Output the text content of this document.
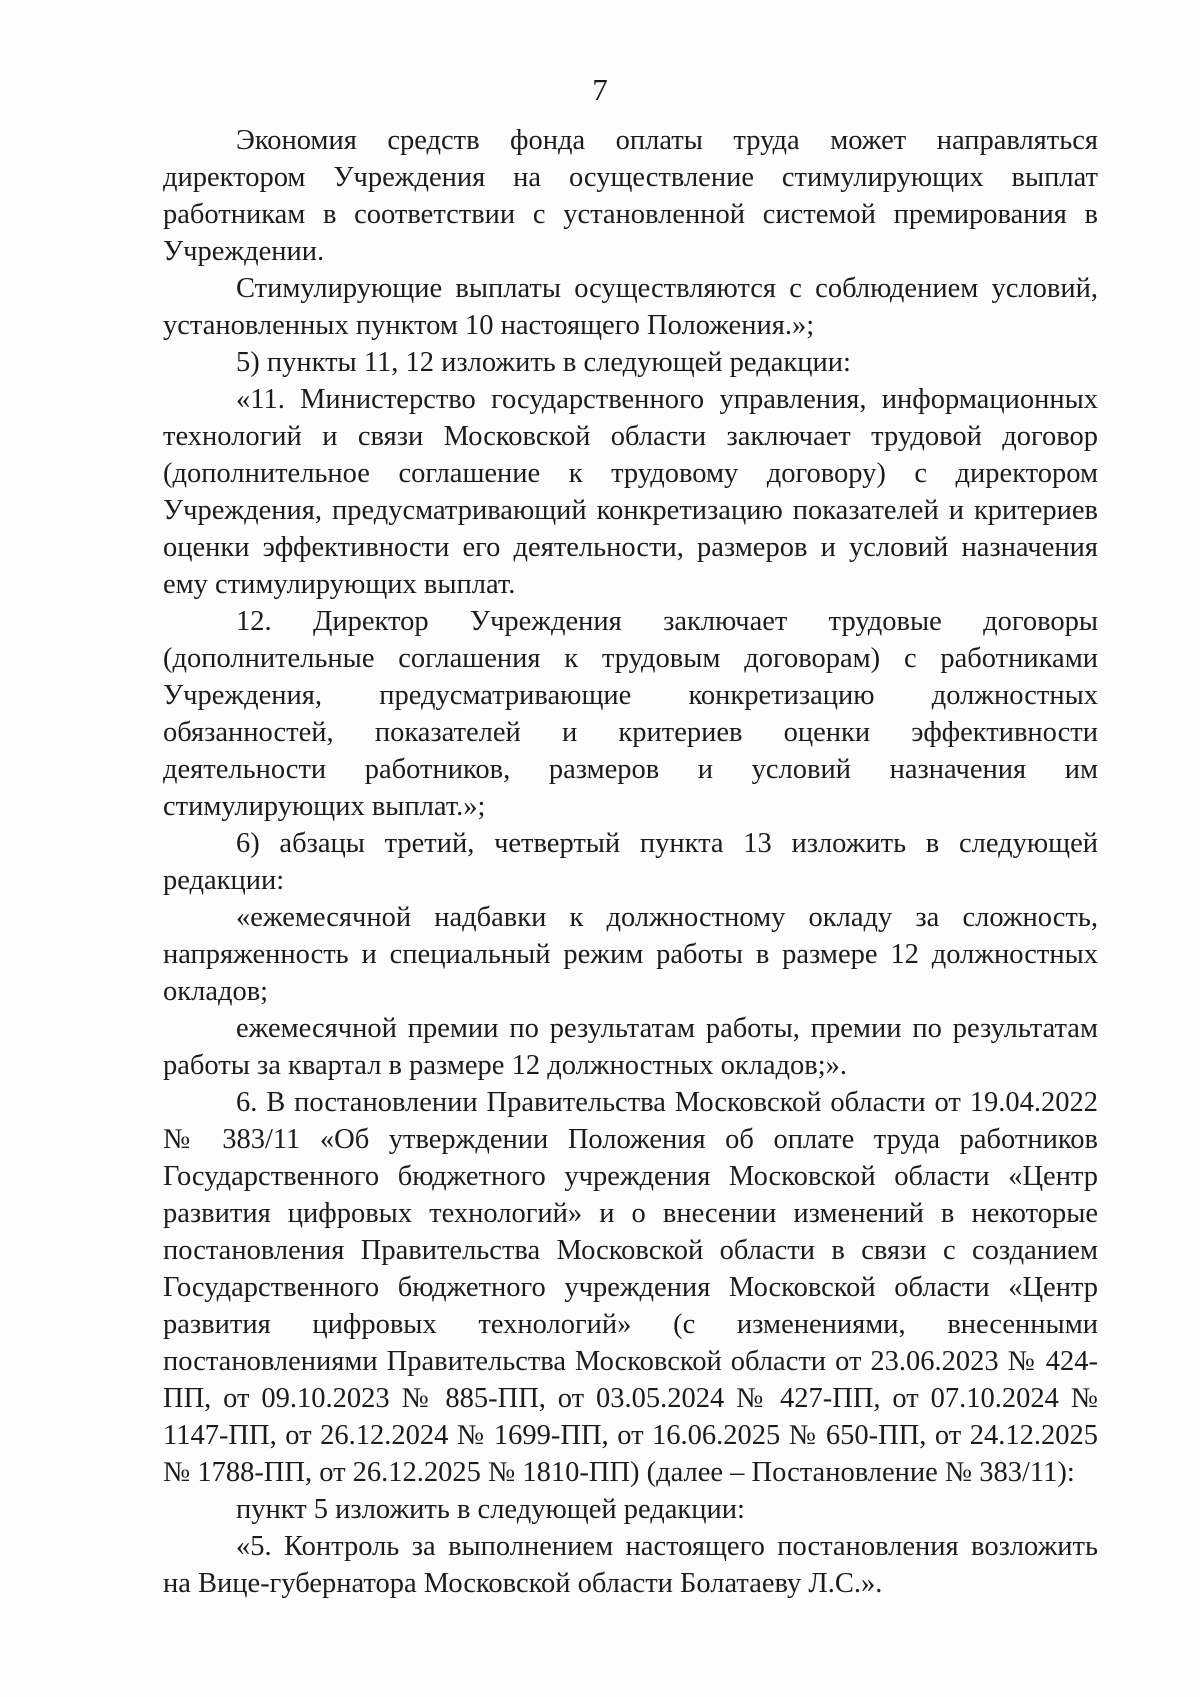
7

Экономия средств фонда оплаты труда может направляться директором Учреждения на осуществление стимулирующих выплат работникам в соответствии с установленной системой премирования в Учреждении.

Стимулирующие выплаты осуществляются с соблюдением условий, установленных пунктом 10 настоящего Положения.»;

5) пункты 11, 12 изложить в следующей редакции:

«11. Министерство государственного управления, информационных технологий и связи Московской области заключает трудовой договор (дополнительное соглашение к трудовому договору) с директором Учреждения, предусматривающий конкретизацию показателей и критериев оценки эффективности его деятельности, размеров и условий назначения ему стимулирующих выплат.

12. Директор Учреждения заключает трудовые договоры (дополнительные соглашения к трудовым договорам) с работниками Учреждения, предусматривающие конкретизацию должностных обязанностей, показателей и критериев оценки эффективности деятельности работников, размеров и условий назначения им стимулирующих выплат.»;

6) абзацы третий, четвертый пункта 13 изложить в следующей редакции:

«ежемесячной надбавки к должностному окладу за сложность, напряженность и специальный режим работы в размере 12 должностных окладов;

ежемесячной премии по результатам работы, премии по результатам работы за квартал в размере 12 должностных окладов;».

6. В постановлении Правительства Московской области от 19.04.2022 № 383/11 «Об утверждении Положения об оплате труда работников Государственного бюджетного учреждения Московской области «Центр развития цифровых технологий» и о внесении изменений в некоторые постановления Правительства Московской области в связи с созданием Государственного бюджетного учреждения Московской области «Центр развития цифровых технологий» (с изменениями, внесенными постановлениями Правительства Московской области от 23.06.2023 № 424-ПП, от 09.10.2023 № 885-ПП, от 03.05.2024 № 427-ПП, от 07.10.2024 № 1147-ПП, от 26.12.2024 № 1699-ПП, от 16.06.2025 № 650-ПП, от 24.12.2025 № 1788-ПП, от 26.12.2025 № 1810-ПП) (далее – Постановление № 383/11):

пункт 5 изложить в следующей редакции:

«5. Контроль за выполнением настоящего постановления возложить на Вице-губернатора Московской области Болатаеву Л.С.».
